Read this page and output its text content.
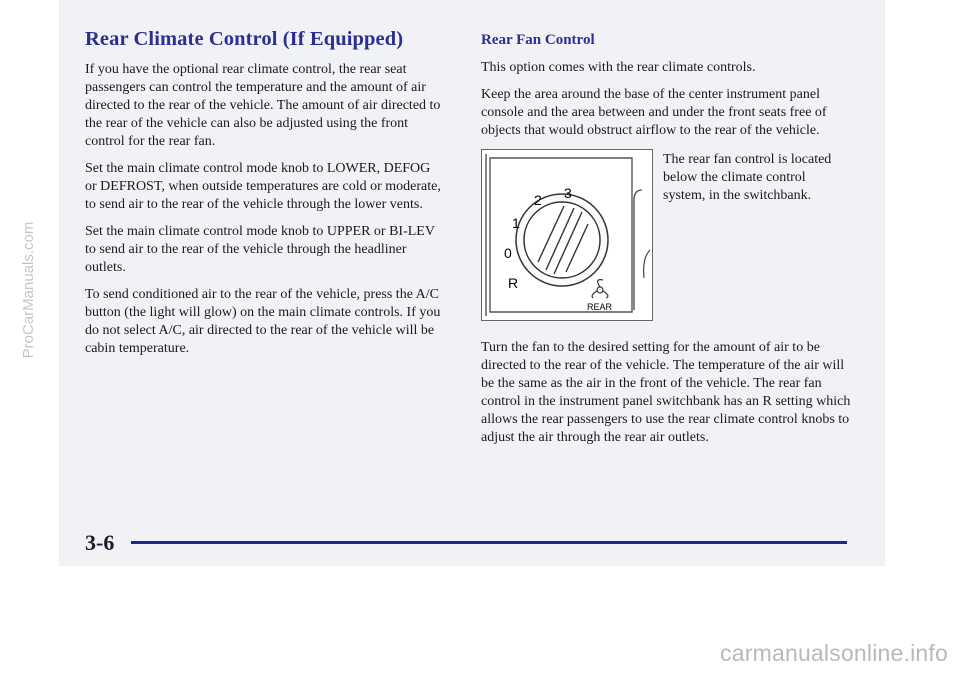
Rear Climate Control (If Equipped)

If you have the optional rear climate control, the rear seat passengers can control the temperature and the amount of air directed to the rear of the vehicle. The amount of air directed to the rear of the vehicle can also be adjusted using the front control for the rear fan.

Set the main climate control mode knob to LOWER, DEFOG or DEFROST, when outside temperatures are cold or moderate, to send air to the rear of the vehicle through the lower vents.

Set the main climate control mode knob to UPPER or BI-LEV to send air to the rear of the vehicle through the headliner outlets.

To send conditioned air to the rear of the vehicle, press the A/C button (the light will glow) on the main climate controls. If you do not select A/C, air directed to the rear of the vehicle will be cabin temperature.

Rear Fan Control

This option comes with the rear climate controls.

Keep the area around the base of the center instrument panel console and the area between and under the front seats free of objects that would obstruct airflow to the rear of the vehicle.

2 3
1
0
R
REAR

The rear fan control is located below the climate control system, in the switchbank.

Turn the fan to the desired setting for the amount of air to be directed to the rear of the vehicle. The temperature of the air will be the same as the air in the front of the vehicle. The rear fan control in the instrument panel switchbank has an R setting which allows the rear passengers to use the rear climate control knobs to adjust the air through the rear air outlets.

3-6
ProCarManuals.com
carmanualsonline.info
